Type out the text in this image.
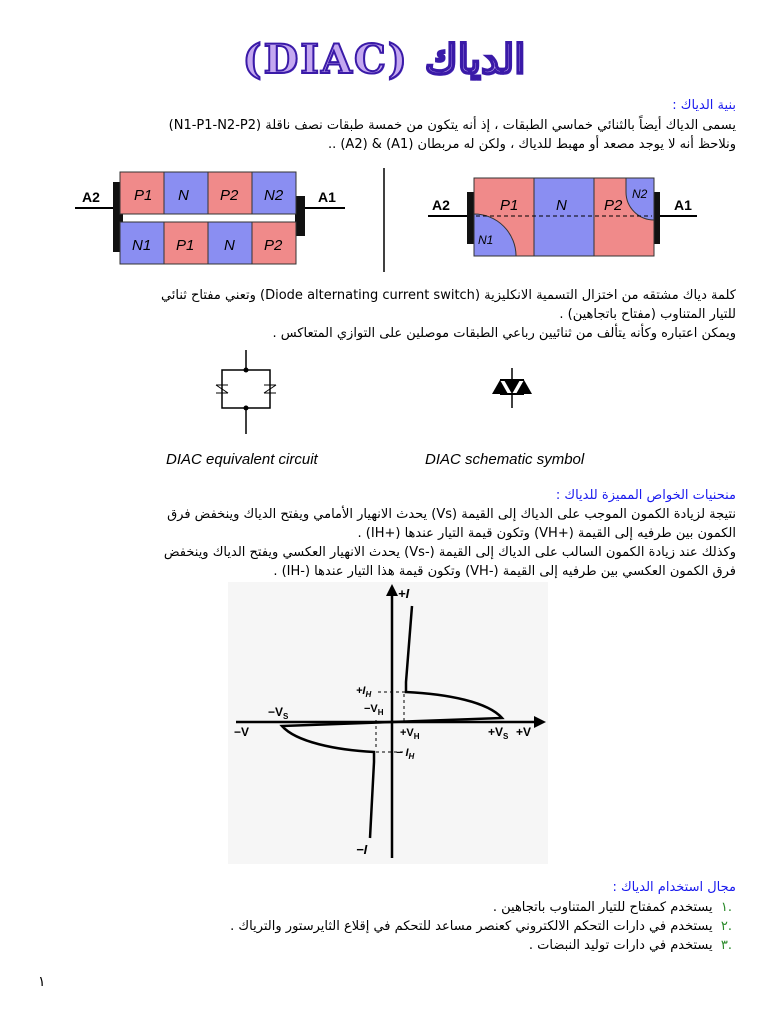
(DIAC) الدياك
بنية الدياك :
يسمى الدياك أيضاً بالثنائي خماسي الطبقات ، إذ أنه يتكون من خمسة طبقات نصف ناقلة (N1-P1-N2-P2)
ونلاحظ أنه لا يوجد مصعد أو مهبط للدياك ، ولكن له مربطان (A1) & (A2) ..
P1 N P2 N2
N1 P1 N P2
A2	A1	P1	N P2
N1
N2
A2	A1
كلمة دياك مشتقه من اختزال التسمية الانكليزية (Diode alternating current switch) وتعني مفتاح ثنائي
للتيار المتناوب (مفتاح باتجاهين) .
ويمكن اعتباره وكأنه يتألف من ثنائيين رباعي الطبقات موصلين على التوازي المتعاكس .
DIAC equivalent circuit	DIAC schematic symbol
منحنيات الخواص المميزة للدياك :
نتيجة لزيادة الكمون الموجب على الدياك إلى القيمة (Vs) يحدث الانهيار الأمامي ويفتح الدياك وينخفض فرق
الكمون بين طرفيه إلى القيمة (+VH) وتكون قيمة التيار عندها (+IH) .
وكذلك عند زيادة الكمون السالب على الدياك إلى القيمة (-Vs) يحدث الانهيار العكسي ويفتح الدياك وينخفض
فرق الكمون العكسي بين طرفيه إلى القيمة (-VH) وتكون قيمة هذا التيار عندها (-IH) .
+I
−I
+V
−V	$+V_S$
$-V_S$
$+V_H$
$-V_H$
$+I_H$
− $I_H$
مجال استخدام الدياك :
.١  يستخدم كمفتاح للتيار المتناوب باتجاهين .
.٢  يستخدم في دارات التحكم الالكتروني كعنصر مساعد للتحكم في إقلاع الثايرستور والترياك .
.٣  يستخدم في دارات توليد النبضات .
١
